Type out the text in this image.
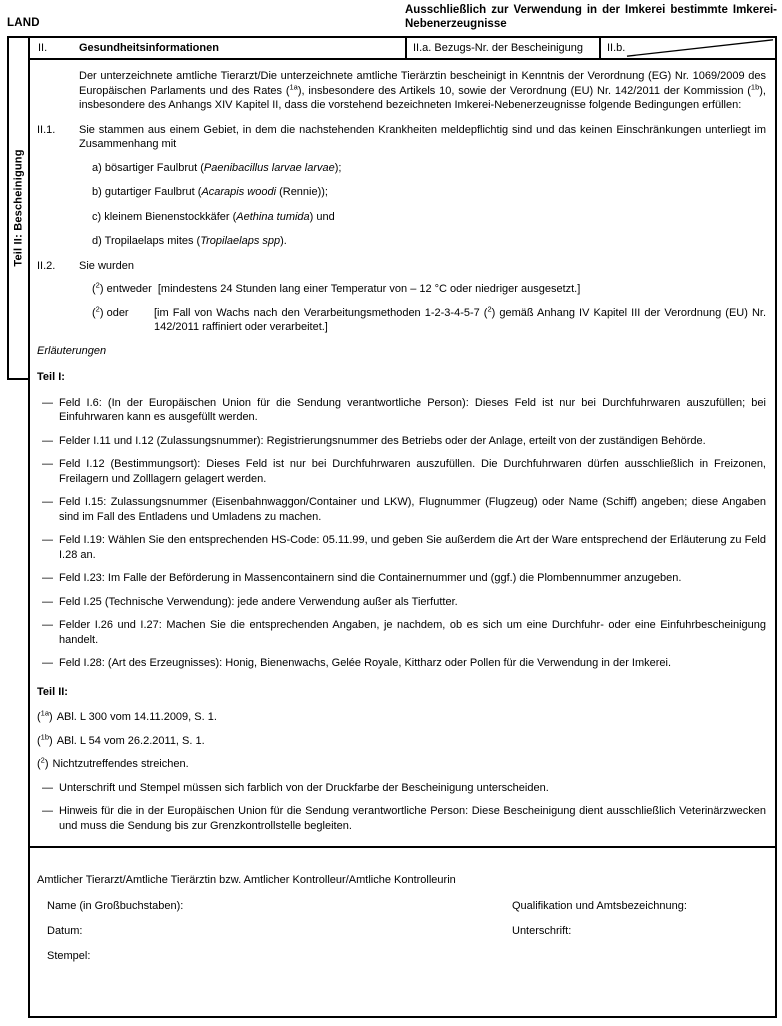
LAND
Ausschließlich zur Verwendung in der Imkerei bestimmte Imkerei-
Nebenerzeugnisse
Teil II: Bescheinigung
II.	Gesundheitsinformationen	II.a. Bezugs-Nr. der Bescheinigung	II.b.
Der unterzeichnete amtliche Tierarzt/Die unterzeichnete amtliche Tierärztin bescheinigt in Kenntnis der Verordnung (EG) Nr. 1069/2009 des Europäischen Parlaments und des Rates ($^{1a}$), insbesondere des Artikels 10, sowie der Verordnung (EU) Nr. 142/2011 der Kommission ($^{1b}$), insbesondere des Anhangs XIV Kapitel II, dass die vorstehend bezeichneten Imkerei-Nebenerzeugnisse folgende Bedingungen erfüllen:
II.1.	Sie stammen aus einem Gebiet, in dem die nachstehenden Krankheiten meldepflichtig sind und das keinen Einschränkungen unterliegt im Zusammenhang mit
a) bösartiger Faulbrut (Paenibacillus larvae larvae);
b) gutartiger Faulbrut (Acarapis woodi (Rennie));
c) kleinem Bienenstockkäfer (Aethina tumida) und
d) Tropilaelaps mites (Tropilaelaps spp).
II.2.	Sie wurden
($^2$) entweder [mindestens 24 Stunden lang einer Temperatur von – 12 °C oder niedriger ausgesetzt.]
($^2$) oder	[im Fall von Wachs nach den Verarbeitungsmethoden 1-2-3-4-5-7 ($^2$) gemäß Anhang IV Kapitel III der Verordnung (EU) Nr. 142/2011 raffiniert oder verarbeitet.]
Erläuterungen
Teil I:
— Feld I.6: (In der Europäischen Union für die Sendung verantwortliche Person): Dieses Feld ist nur bei Durchfuhrwaren auszufüllen; bei Einfuhrwaren kann es ausgefüllt werden.
— Felder I.11 und I.12 (Zulassungsnummer): Registrierungsnummer des Betriebs oder der Anlage, erteilt von der zuständigen Behörde.
— Feld I.12 (Bestimmungsort): Dieses Feld ist nur bei Durchfuhrwaren auszufüllen. Die Durchfuhrwaren dürfen ausschließlich in Freizonen, Freilagern und Zolllagern gelagert werden.
— Feld I.15: Zulassungsnummer (Eisenbahnwaggon/Container und LKW), Flugnummer (Flugzeug) oder Name (Schiff) angeben; diese Angaben sind im Fall des Entladens und Umladens zu machen.
— Feld I.19: Wählen Sie den entsprechenden HS-Code: 05.11.99, und geben Sie außerdem die Art der Ware entsprechend der Erläuterung zu Feld I.28 an.
— Feld I.23: Im Falle der Beförderung in Massencontainern sind die Containernummer und (ggf.) die Plombennummer anzugeben.
— Feld I.25 (Technische Verwendung): jede andere Verwendung außer als Tierfutter.
— Felder I.26 und I.27: Machen Sie die entsprechenden Angaben, je nachdem, ob es sich um eine Durchfuhr- oder eine Einfuhrbescheinigung handelt.
— Feld I.28: (Art des Erzeugnisses): Honig, Bienenwachs, Gelée Royale, Kittharz oder Pollen für die Verwendung in der Imkerei.
Teil II:
($^{1a}$) ABl. L 300 vom 14.11.2009, S. 1.
($^{1b}$) ABl. L 54 vom 26.2.2011, S. 1.
($^2$) Nichtzutreffendes streichen.
— Unterschrift und Stempel müssen sich farblich von der Druckfarbe der Bescheinigung unterscheiden.
— Hinweis für die in der Europäischen Union für die Sendung verantwortliche Person: Diese Bescheinigung dient ausschließlich Veterinärzwecken und muss die Sendung bis zur Grenzkontrollstelle begleiten.
Amtlicher Tierarzt/Amtliche Tierärztin bzw. Amtlicher Kontrolleur/Amtliche Kontrolleurin
Name (in Großbuchstaben):	Qualifikation und Amtsbezeichnung:
Datum:	Unterschrift:
Stempel:
